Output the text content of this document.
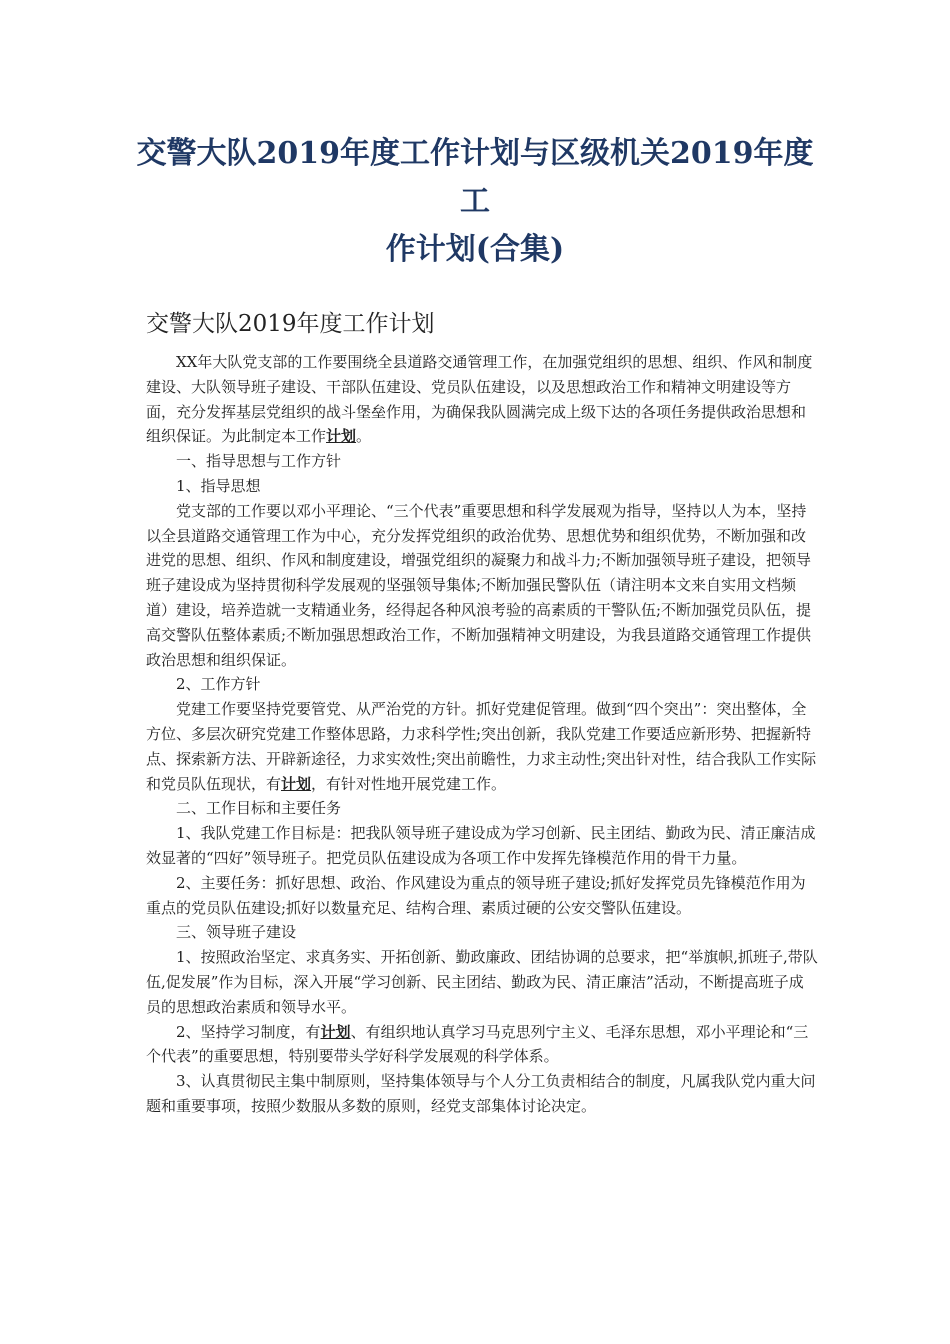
交警大队2019年度工作计划与区级机关2019年度工
作计划(合集)
交警大队2019年度工作计划

XX年大队党支部的工作要围绕全县道路交通管理工作，在加强党组织的思想、组织、作风和制度建设、大队领导班子建设、干部队伍建设、党员队伍建设，以及思想政治工作和精神文明建设等方面，充分发挥基层党组织的战斗堡垒作用，为确保我队圆满完成上级下达的各项任务提供政治思想和组织保证。为此制定本工作计划。

一、指导思想与工作方针

1、指导思想

党支部的工作要以邓小平理论、“三个代表”重要思想和科学发展观为指导，坚持以人为本，坚持以全县道路交通管理工作为中心，充分发挥党组织的政治优势、思想优势和组织优势，不断加强和改进党的思想、组织、作风和制度建设，增强党组织的凝聚力和战斗力;不断加强领导班子建设，把领导班子建设成为坚持贯彻科学发展观的坚强领导集体;不断加强民警队伍（请注明本文来自实用文档频道）建设，培养造就一支精通业务，经得起各种风浪考验的高素质的干警队伍;不断加强党员队伍，提高交警队伍整体素质;不断加强思想政治工作，不断加强精神文明建设，为我县道路交通管理工作提供政治思想和组织保证。

2、工作方针

党建工作要坚持党要管党、从严治党的方针。抓好党建促管理。做到“四个突出”：突出整体，全方位、多层次研究党建工作整体思路，力求科学性;突出创新，我队党建工作要适应新形势、把握新特点、探索新方法、开辟新途径，力求实效性;突出前瞻性，力求主动性;突出针对性，结合我队工作实际和党员队伍现状，有计划，有针对性地开展党建工作。

二、工作目标和主要任务

1、我队党建工作目标是：把我队领导班子建设成为学习创新、民主团结、勤政为民、清正廉洁成效显著的“四好”领导班子。把党员队伍建设成为各项工作中发挥先锋模范作用的骨干力量。

2、主要任务：抓好思想、政治、作风建设为重点的领导班子建设;抓好发挥党员先锋模范作用为重点的党员队伍建设;抓好以数量充足、结构合理、素质过硬的公安交警队伍建设。

三、领导班子建设

1、按照政治坚定、求真务实、开拓创新、勤政廉政、团结协调的总要求，把“举旗帜,抓班子,带队伍,促发展”作为目标，深入开展“学习创新、民主团结、勤政为民、清正廉洁”活动，不断提高班子成员的思想政治素质和领导水平。

2、坚持学习制度，有计划、有组织地认真学习马克思列宁主义、毛泽东思想，邓小平理论和“三个代表”的重要思想，特别要带头学好科学发展观的科学体系。

3、认真贯彻民主集中制原则，坚持集体领导与个人分工负责相结合的制度，凡属我队党内重大问题和重要事项，按照少数服从多数的原则，经党支部集体讨论决定。
